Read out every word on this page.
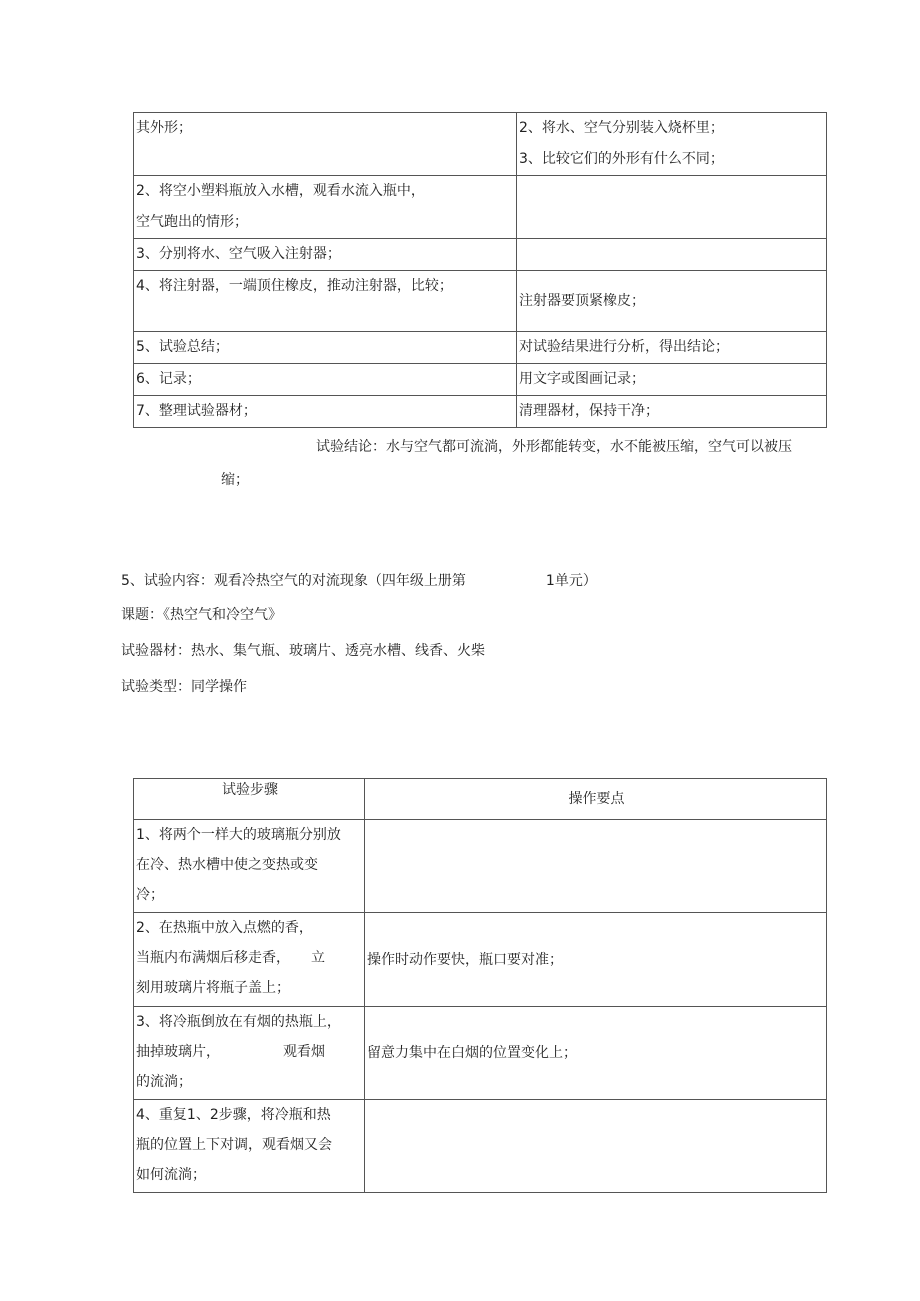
其外形；	2、将水、空气分别装入烧杯里；
3、比较它们的外形有什么不同；

2、将空小塑料瓶放入水槽，观看水流入瓶中，
空气跑出的情形；	

3、分别将水、空气吸入注射器；	

4、将注射器，一端顶住橡皮，推动注射器，比较；	注射器要顶紧橡皮；

5、试验总结；	对试验结果进行分析，得出结论；

6、记录；	用文字或图画记录；

7、整理试验器材；	清理器材，保持干净；
试验结论：水与空气都可流淌，外形都能转变，水不能被压缩，空气可以被压
缩；
5、试验内容：观看冷热空气的对流现象（四年级上册第	1单元）
课题：《热空气和冷空气》
试验器材：热水、集气瓶、玻璃片、透亮水槽、线香、火柴
试验类型：同学操作
试验步骤	操作要点

1、将两个一样大的玻璃瓶分别放
在冷、热水槽中使之变热或变
冷；	

2、在热瓶中放入点燃的香，
当瓶内布满烟后移走香，　　立
刻用玻璃片将瓶子盖上；	操作时动作要快，瓶口要对准；

3、将冷瓶倒放在有烟的热瓶上，
抽掉玻璃片，　　　　　观看烟
的流淌；	留意力集中在白烟的位置变化上；

4、重复1、2步骤，将冷瓶和热
瓶的位置上下对调，观看烟又会
如何流淌；	
